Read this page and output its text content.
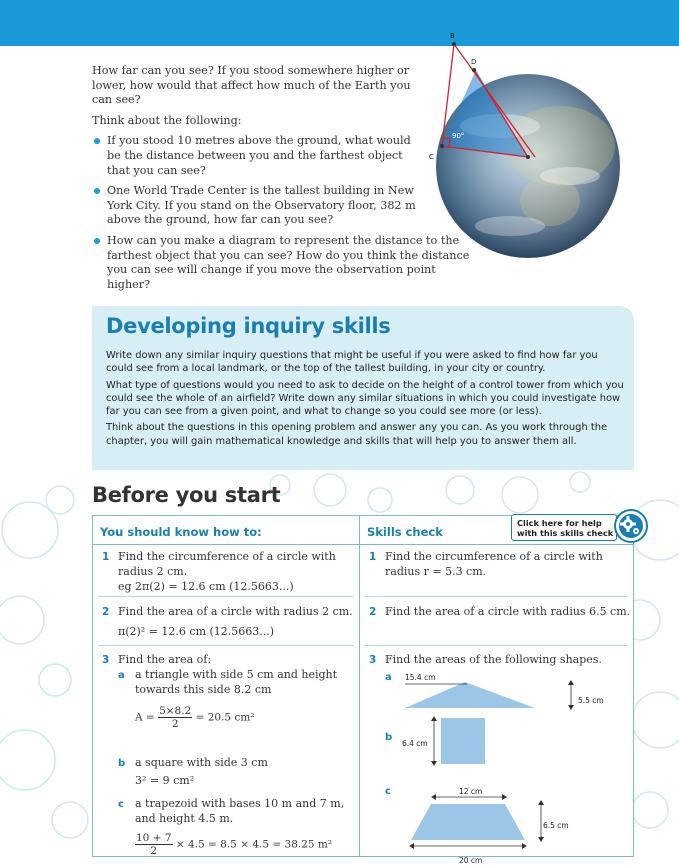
How far can you see? If you stood somewhere higher or lower, how would that affect how much of the Earth you can see?

Think about the following:

If you stood 10 metres above the ground, what would be the distance between you and the farthest object that you can see?
One World Trade Center is the tallest building in New York City. If you stand on the Observatory floor, 382 m above the ground, how far can you see?
How can you make a diagram to represent the distance to the farthest object that you can see? How do you think the distance you can see will change if you move the observation point higher?
B
D
C
90°
Developing inquiry skills

Write down any similar inquiry questions that might be useful if you were asked to find how far you could see from a local landmark, or the top of the tallest building, in your city or country.

What type of questions would you need to ask to decide on the height of a control tower from which you could see the whole of an airfield? Write down any similar situations in which you could investigate how far you can see from a given point, and what to change so you could see more (or less).

Think about the questions in this opening problem and answer any you can. As you work through the chapter, you will gain mathematical knowledge and skills that will help you to answer them all.

Before you start
You should know how to:	Skills check
Click here for help with this skills check
1 Find the circumference of a circle with radius 2 cm.
eg 2π(2) = 12.6 cm (12.5663...)
2 Find the area of a circle with radius 2 cm.
π(2)² = 12.6 cm (12.5663...)
3 Find the area of:
a a triangle with side 5 cm and height towards this side 8.2 cm
$A = \frac{5\times 8.2}{2} = 20.5$ cm²
b a square with side 3 cm
3² = 9 cm²
c a trapezoid with bases 10 m and 7 m, and height 4.5 m.
$\frac{10 + 7}{2} \times 4.5 = 8.5 \times 4.5 = 38.25$ m²
1 Find the circumference of a circle with radius r = 5.3 cm.
2 Find the area of a circle with radius 6.5 cm.
3 Find the areas of the following shapes.
a 15.4 cm
5.5 cm
b
6.4 cm
c	12 cm
6.5 cm
20 cm
